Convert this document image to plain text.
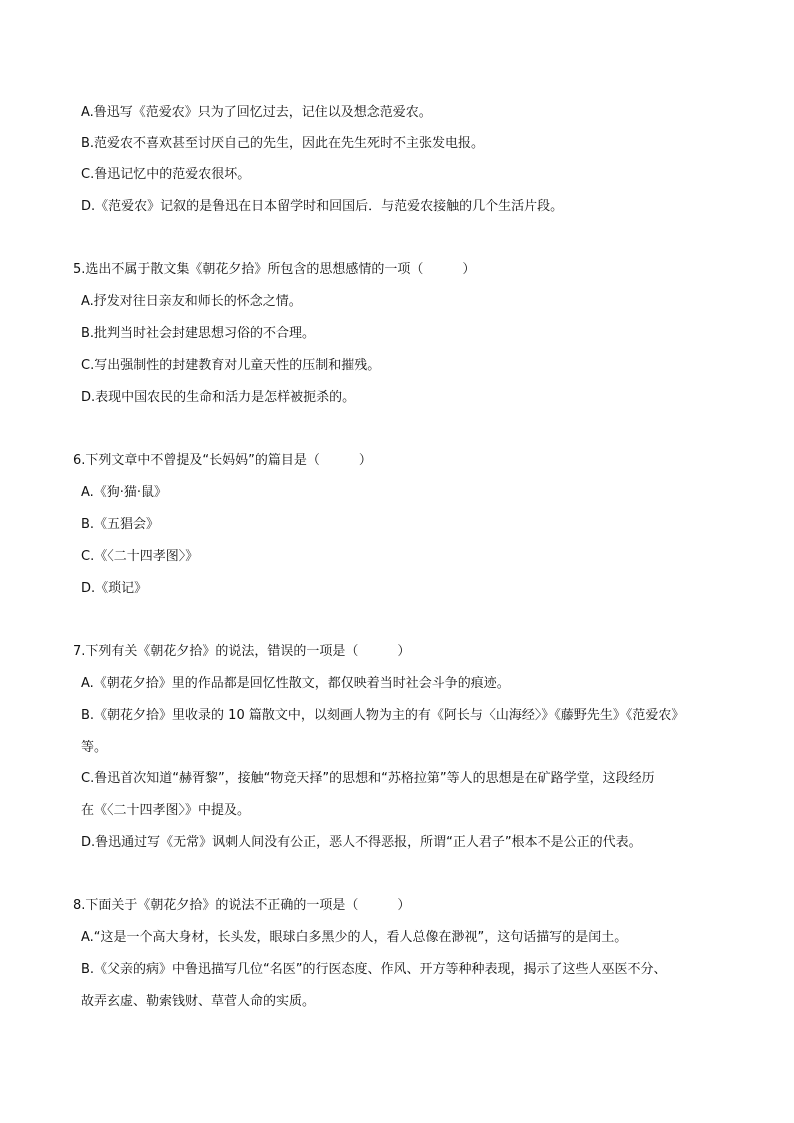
A.鲁迅写《范爱农》只为了回忆过去，记住以及想念范爱农。
B.范爱农不喜欢甚至讨厌自己的先生，因此在先生死时不主张发电报。
C.鲁迅记忆中的范爱农很坏。
D.《范爱农》记叙的是鲁迅在日本留学时和回国后．与范爱农接触的几个生活片段。
5.选出不属于散文集《朝花夕拾》所包含的思想感情的一项（　　　）
A.抒发对往日亲友和师长的怀念之情。
B.批判当时社会封建思想习俗的不合理。
C.写出强制性的封建教育对儿童天性的压制和摧残。
D.表现中国农民的生命和活力是怎样被扼杀的。
6.下列文章中不曾提及“长妈妈”的篇目是（　　　）
A.《狗·猫·鼠》
B.《五猖会》
C.《〈二十四孝图〉》
D.《琐记》
7.下列有关《朝花夕拾》的说法，错误的一项是（　　　）
A.《朝花夕拾》里的作品都是回忆性散文，都仅映着当时社会斗争的痕迹。
B.《朝花夕拾》里收录的 10 篇散文中，以刻画人物为主的有《阿长与〈山海经〉》《藤野先生》《范爱农》
等。
C.鲁迅首次知道“赫胥黎”，接触“物竞天择”的思想和“苏格拉第”等人的思想是在矿路学堂，这段经历
在《〈二十四孝图〉》中提及。
D.鲁迅通过写《无常》讽刺人间没有公正，恶人不得恶报，所谓“正人君子”根本不是公正的代表。
8.下面关于《朝花夕拾》的说法不正确的一项是（　　　）
A.“这是一个高大身材，长头发，眼球白多黑少的人，看人总像在渺视”，这句话描写的是闰土。
B.《父亲的病》中鲁迅描写几位“名医”的行医态度、作风、开方等种种表现，揭示了这些人巫医不分、
故弄玄虚、勒索钱财、草菅人命的实质。
